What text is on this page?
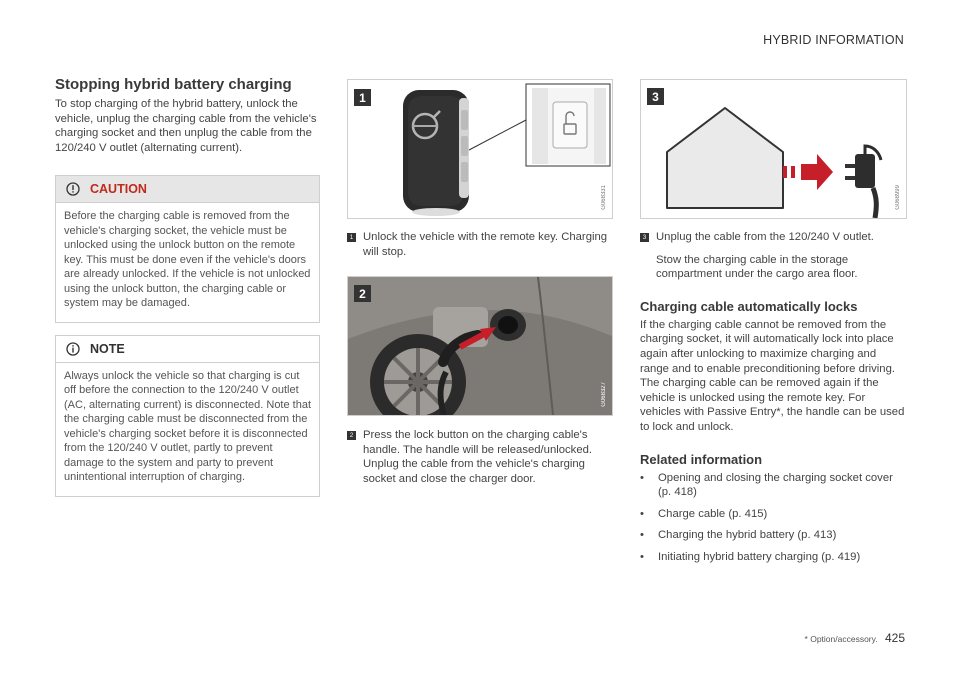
HYBRID INFORMATION
Stopping hybrid battery charging

To stop charging of the hybrid battery, unlock the vehicle, unplug the charging cable from the vehicle's charging socket and then unplug the cable from the 120/240 V outlet (alternating current).

CAUTION

Before the charging cable is removed from the vehicle's charging socket, the vehicle must be unlocked using the unlock button on the remote key. This must be done even if the vehicle's doors are already unlocked. If the vehicle is not unlocked using the unlock button, the charging cable or system may be damaged.

NOTE

Always unlock the vehicle so that charging is cut off before the connection to the 120/240 V outlet (AC, alternating current) is disconnected. Note that the charging cable must be disconnected from the vehicle's charging socket before it is disconnected from the 120/240 V outlet, partly to prevent damage to the system and party to prevent unintentional interruption of charging.

1
G068331
1 Unlock the vehicle with the remote key. Charging will stop.

2
G068327
2 Press the lock button on the charging cable's handle. The handle will be released/unlocked. Unplug the cable from the vehicle's charging socket and close the charger door.

3
G068999
3 Unplug the cable from the 120/240 V outlet.

Stow the charging cable in the storage compartment under the cargo area floor.

Charging cable automatically locks

If the charging cable cannot be removed from the charging socket, it will automatically lock into place again after unlocking to maximize charging and range and to enable preconditioning before driving. The charging cable can be removed again if the vehicle is unlocked using the remote key. For vehicles with Passive Entry*, the handle can be used to lock and unlock.

Related information
• Opening and closing the charging socket cover (p. 418)
• Charge cable (p. 415)
• Charging the hybrid battery (p. 413)
• Initiating hybrid battery charging (p. 419)
* Option/accessory. 425
